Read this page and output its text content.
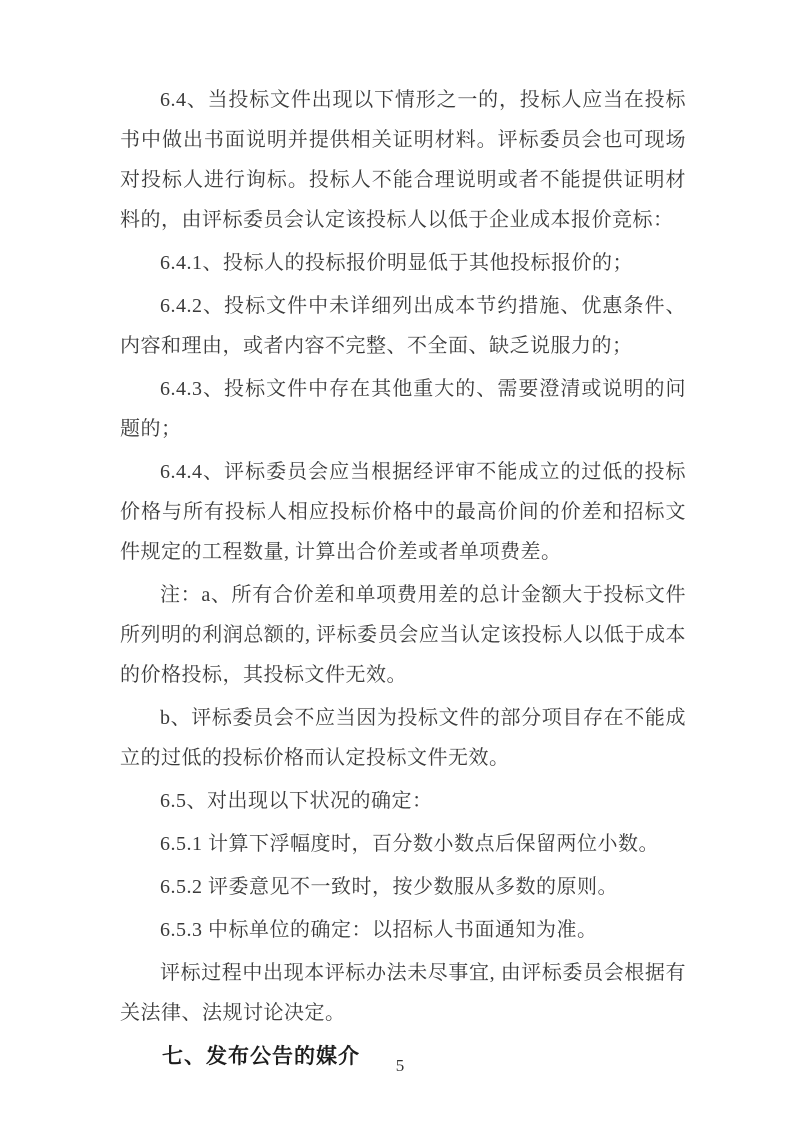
6.4、当投标文件出现以下情形之一的，投标人应当在投标书中做出书面说明并提供相关证明材料。评标委员会也可现场对投标人进行询标。投标人不能合理说明或者不能提供证明材料的，由评标委员会认定该投标人以低于企业成本报价竞标：

6.4.1、投标人的投标报价明显低于其他投标报价的；

6.4.2、投标文件中未详细列出成本节约措施、优惠条件、内容和理由，或者内容不完整、不全面、缺乏说服力的；

6.4.3、投标文件中存在其他重大的、需要澄清或说明的问题的；

6.4.4、评标委员会应当根据经评审不能成立的过低的投标价格与所有投标人相应投标价格中的最高价间的价差和招标文件规定的工程数量, 计算出合价差或者单项费差。

注：a、所有合价差和单项费用差的总计金额大于投标文件所列明的利润总额的, 评标委员会应当认定该投标人以低于成本的价格投标，其投标文件无效。

b、评标委员会不应当因为投标文件的部分项目存在不能成立的过低的投标价格而认定投标文件无效。

6.5、对出现以下状况的确定：

6.5.1 计算下浮幅度时，百分数小数点后保留两位小数。

6.5.2 评委意见不一致时，按少数服从多数的原则。

6.5.3 中标单位的确定：以招标人书面通知为准。

评标过程中出现本评标办法未尽事宜, 由评标委员会根据有关法律、法规讨论决定。

七、发布公告的媒介	5
